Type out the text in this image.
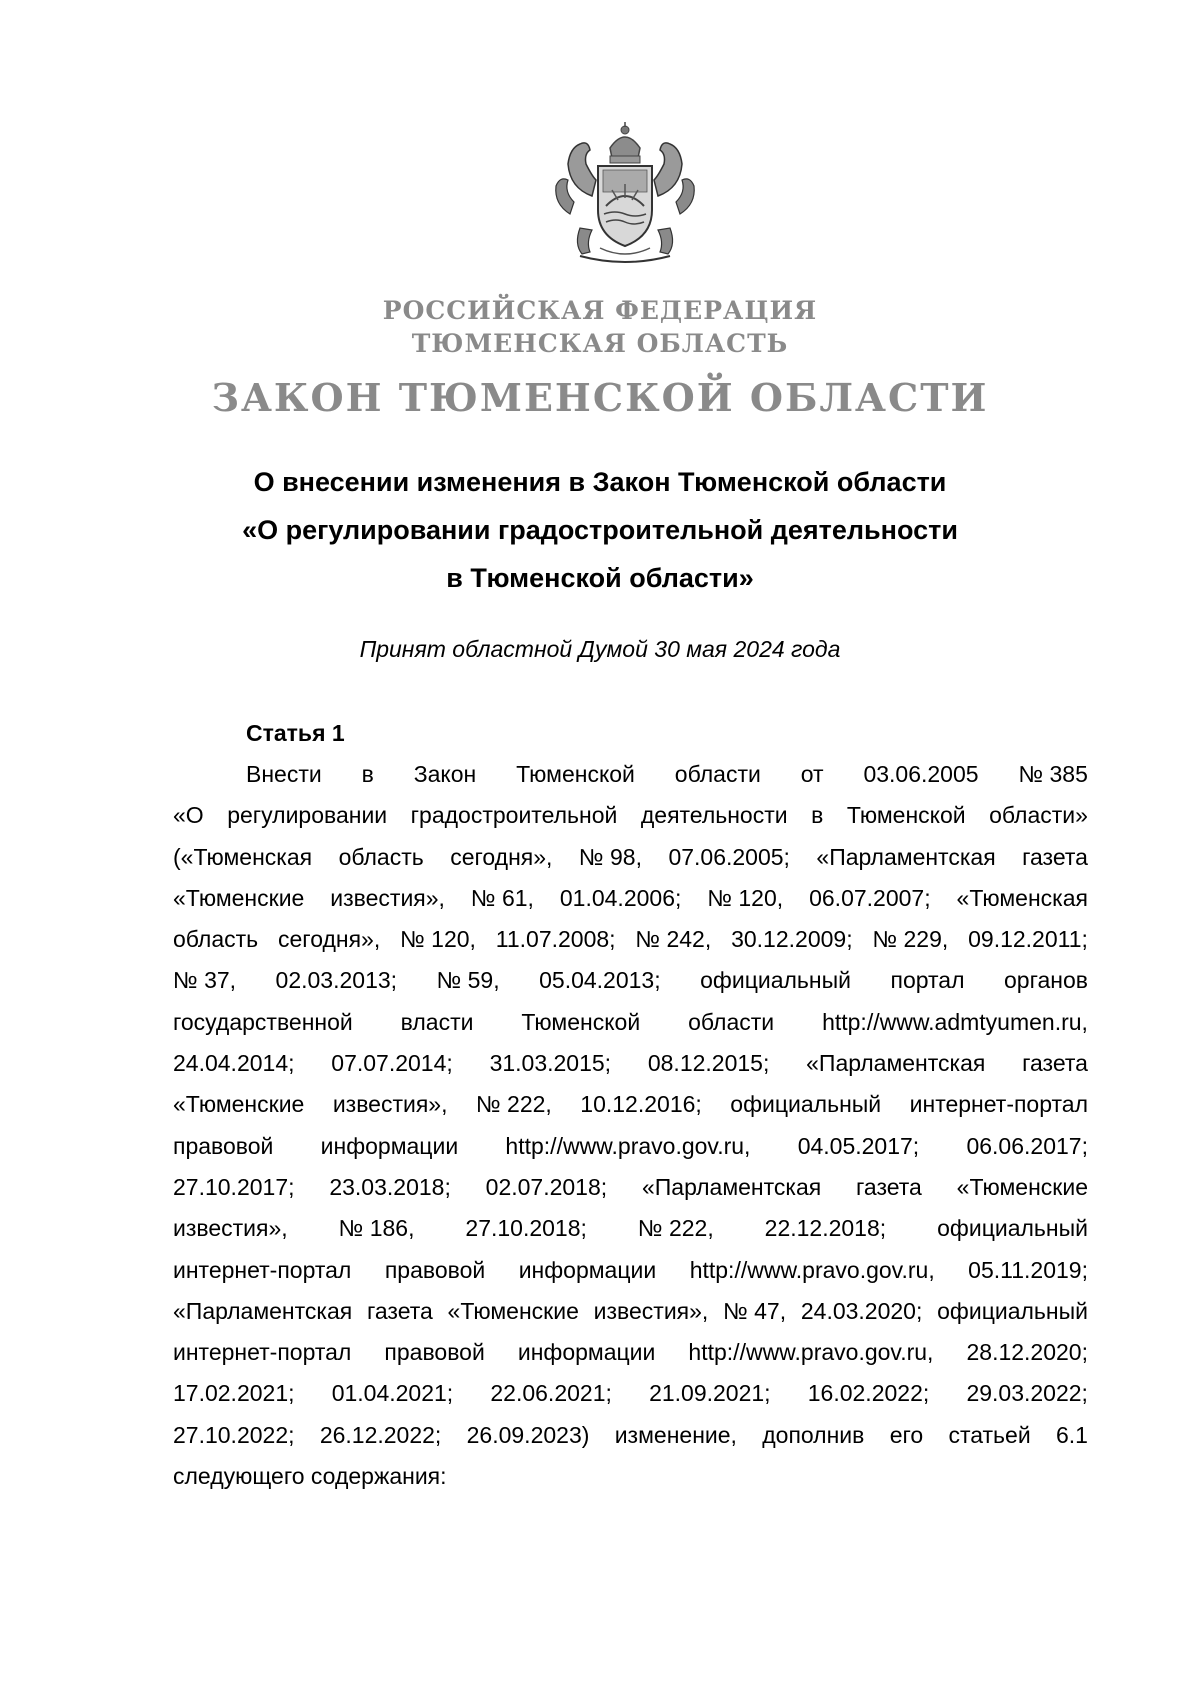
РОССИЙСКАЯ ФЕДЕРАЦИЯ
ТЮМЕНСКАЯ ОБЛАСТЬ
ЗАКОН ТЮМЕНСКОЙ ОБЛАСТИ
О внесении изменения в Закон Тюменской области
«О регулировании градостроительной деятельности
в Тюменской области»
Принят областной Думой 30 мая 2024 года
Статья 1
Внести в Закон Тюменской области от 03.06.2005 № 385
«О регулировании градостроительной деятельности в Тюменской области»
(«Тюменская область сегодня», № 98, 07.06.2005; «Парламентская газета
«Тюменские известия», № 61, 01.04.2006; № 120, 06.07.2007; «Тюменская
область сегодня», № 120, 11.07.2008; № 242, 30.12.2009; № 229, 09.12.2011;
№ 37, 02.03.2013; № 59, 05.04.2013; официальный портал органов
государственной власти Тюменской области http://www.admtyumen.ru,
24.04.2014; 07.07.2014; 31.03.2015; 08.12.2015; «Парламентская газета
«Тюменские известия», № 222, 10.12.2016; официальный интернет-портал
правовой информации http://www.pravo.gov.ru, 04.05.2017; 06.06.2017;
27.10.2017; 23.03.2018; 02.07.2018; «Парламентская газета «Тюменские
известия», № 186, 27.10.2018; № 222, 22.12.2018; официальный
интернет-портал правовой информации http://www.pravo.gov.ru, 05.11.2019;
«Парламентская газета «Тюменские известия», № 47, 24.03.2020; официальный
интернет-портал правовой информации http://www.pravo.gov.ru, 28.12.2020;
17.02.2021; 01.04.2021; 22.06.2021; 21.09.2021; 16.02.2022; 29.03.2022;
27.10.2022; 26.12.2022; 26.09.2023) изменение, дополнив его статьей 6.1
следующего содержания:
